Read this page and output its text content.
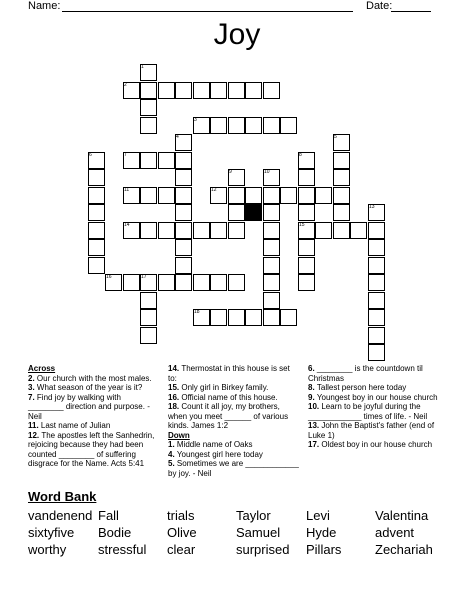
Name:	Date:
Joy
1
2
3
4	5
6	7	8
9	10
11	12
13
14	15
16	17
18
Across
2. Our church with the most males.
3. What season of the year is it?
7. Find joy by walking with ________ direction and purpose. -Neil
11. Last name of Julian
12. The apostles left the Sanhedrin, rejoicing because they had been counted ________ of suffering disgrace for the Name. Acts 5:41
14. Thermostat in this house is set to:
15. Only girl in Birkey family.
16. Official name of this house.
18. Count it all joy, my brothers, when you meet ______ of various kinds. James 1:2
Down
1. Middle name of Oaks
4. Youngest girl here today
5. Sometimes we are ____________ by joy. - Neil
6. ________ is the countdown til Christmas
8. Tallest person here today
9. Youngest boy in our house church
10. Learn to be joyful during the ____________ times of life. - Neil
13. John the Baptist's father (end of Luke 1)
17. Oldest boy in our house church
Word Bank
vandenend Fall	trials	Taylor	Levi	Valentina
sixtyfive Bodie	Olive	Samuel Hyde	advent
worthy stressful clear	surprised Pillars	Zechariah
